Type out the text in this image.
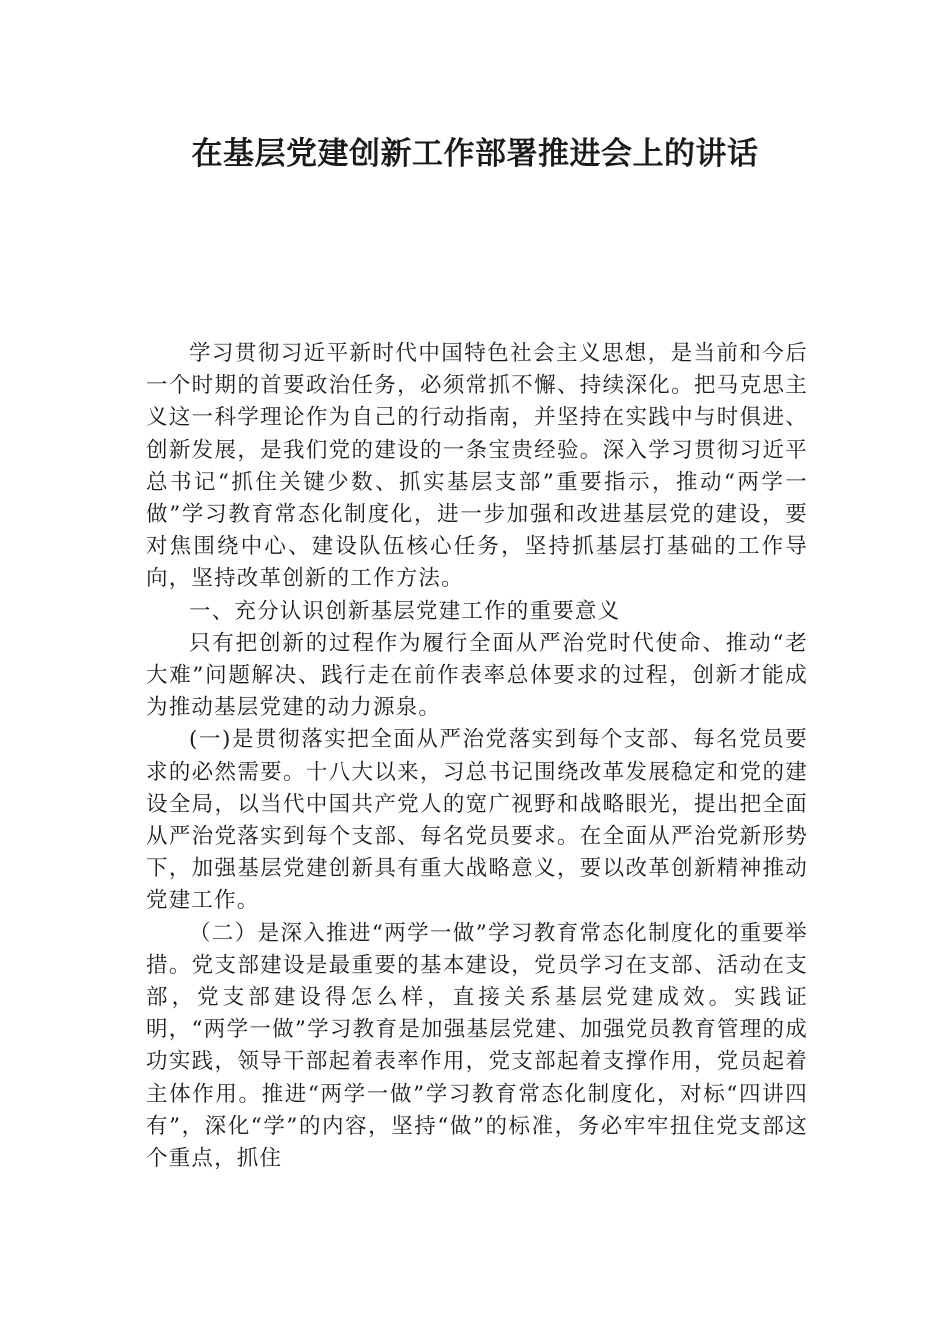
在基层党建创新工作部署推进会上的讲话

学习贯彻习近平新时代中国特色社会主义思想，是当前和今后一个时期的首要政治任务，必须常抓不懈、持续深化。把马克思主义这一科学理论作为自己的行动指南，并坚持在实践中与时俱进、创新发展，是我们党的建设的一条宝贵经验。深入学习贯彻习近平总书记“抓住关键少数、抓实基层支部”重要指示，推动“两学一做”学习教育常态化制度化，进一步加强和改进基层党的建设，要对焦围绕中心、建设队伍核心任务，坚持抓基层打基础的工作导向，坚持改革创新的工作方法。

一、充分认识创新基层党建工作的重要意义

只有把创新的过程作为履行全面从严治党时代使命、推动“老大难”问题解决、践行走在前作表率总体要求的过程，创新才能成为推动基层党建的动力源泉。

(一)是贯彻落实把全面从严治党落实到每个支部、每名党员要求的必然需要。十八大以来，习总书记围绕改革发展稳定和党的建设全局，以当代中国共产党人的宽广视野和战略眼光，提出把全面从严治党落实到每个支部、每名党员要求。在全面从严治党新形势下，加强基层党建创新具有重大战略意义，要以改革创新精神推动党建工作。

（二）是深入推进“两学一做”学习教育常态化制度化的重要举措。党支部建设是最重要的基本建设，党员学习在支部、活动在支部，党支部建设得怎么样，直接关系基层党建成效。实践证明，“两学一做”学习教育是加强基层党建、加强党员教育管理的成功实践，领导干部起着表率作用，党支部起着支撑作用，党员起着主体作用。推进“两学一做”学习教育常态化制度化，对标“四讲四有”，深化“学”的内容，坚持“做”的标准，务必牢牢扭住党支部这个重点，抓住
